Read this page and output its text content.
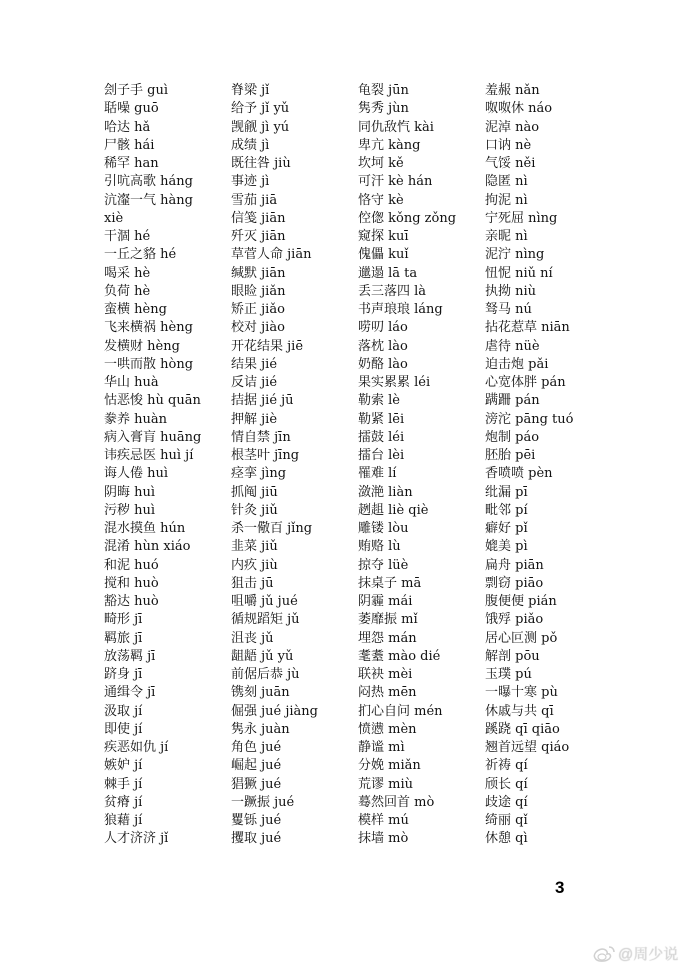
刽子手 guì
聒噪 guō
哈达 hǎ
尸骸 hái
稀罕 han
引吭高歌 háng
沆瀣一气 hàng
xiè
干涸 hé
一丘之貉 hé
喝采 hè
负荷 hè
蛮横 hèng
飞来横祸 hèng
发横财 hèng
一哄而散 hòng
华山 huà
怙恶悛 hù quān
豢养 huàn
病入膏肓 huāng
讳疾忌医 huì jí
诲人倦 huì
阴晦 huì
污秽 huì
混水摸鱼 hún
混淆 hùn xiáo
和泥 huó
搅和 huò
豁达 huò
畸形 jī
羁旅 jī
放荡羁 jī
跻身 jī
通缉令 jī
汲取 jí
即使 jí
疾恶如仇 jí
嫉妒 jí
棘手 jí
贫瘠 jí
狼藉 jí
人才济济 jǐ
脊梁 jǐ
给予 jǐ yǔ
觊觎 jì yú
成绩 jì
既往咎 jiù
事迹 jì
雪茄 jiā
信笺 jiān
歼灭 jiān
草菅人命 jiān
缄默 jiān
眼睑 jiǎn
矫正 jiǎo
校对 jiào
开花结果 jiē
结果 jié
反诘 jié
拮据 jié jū
押解 jiè
情自禁 jīn
根茎叶 jīng
痉挛 jìng
抓阄 jiū
针灸 jiǔ
杀一儆百 jǐng
韭菜 jiǔ
内疚 jiù
狙击 jū
咀嚼 jǔ jué
循规蹈矩 jǔ
沮丧 jǔ
龃龉 jǔ yǔ
前倨后恭 jù
镌刻 juān
倔强 jué jiàng
隽永 juàn
角色 jué
崛起 jué
猖獗 jué
一蹶振 jué
矍铄 jué
攫取 jué
龟裂 jūn
隽秀 jùn
同仇敌忾 kài
卑亢 kàng
坎坷 kě
可汗 kè hán
恪守 kè
倥偬 kǒng zǒng
窥探 kuī
傀儡 kuǐ
邋遢 lā ta
丢三落四 là
书声琅琅 láng
唠叨 láo
落枕 lào
奶酪 lào
果实累累 léi
勒索 lè
勒紧 lēi
擂鼓 léi
擂台 lèi
罹难 lí
潋滟 liàn
趔趄 liè qiè
雕镂 lòu
贿赂 lù
掠夺 lüè
抹桌子 mā
阴霾 mái
萎靡振 mǐ
埋怨 mán
耄耋 mào dié
联袂 mèi
闷热 mēn
扪心自问 mén
愤懑 mèn
静谧 mì
分娩 miǎn
荒谬 miù
蓦然回首 mò
模样 mú
抹墙 mò
羞赧 nǎn
呶呶休 náo
泥淖 nào
口讷 nè
气馁 něi
隐匿 nì
拘泥 nì
宁死屈 nìng
亲昵 nì
泥泞 nìng
忸怩 niǔ ní
执拗 niù
驽马 nú
拈花惹草 niān
虐待 nüè
迫击炮 pǎi
心宽体胖 pán
蹒跚 pán
滂沱 pāng tuó
炮制 páo
胚胎 pēi
香喷喷 pèn
纰漏 pī
毗邻 pí
癖好 pǐ
媲美 pì
扁舟 piān
剽窃 piāo
腹便便 pián
饿殍 piǎo
居心叵测 pǒ
解剖 pōu
玉璞 pú
一曝十寒 pù
休戚与共 qī
蹊跷 qī qiāo
翘首远望 qiáo
祈祷 qí
颀长 qí
歧途 qí
绮丽 qǐ
休憩 qì
3
@周少说
